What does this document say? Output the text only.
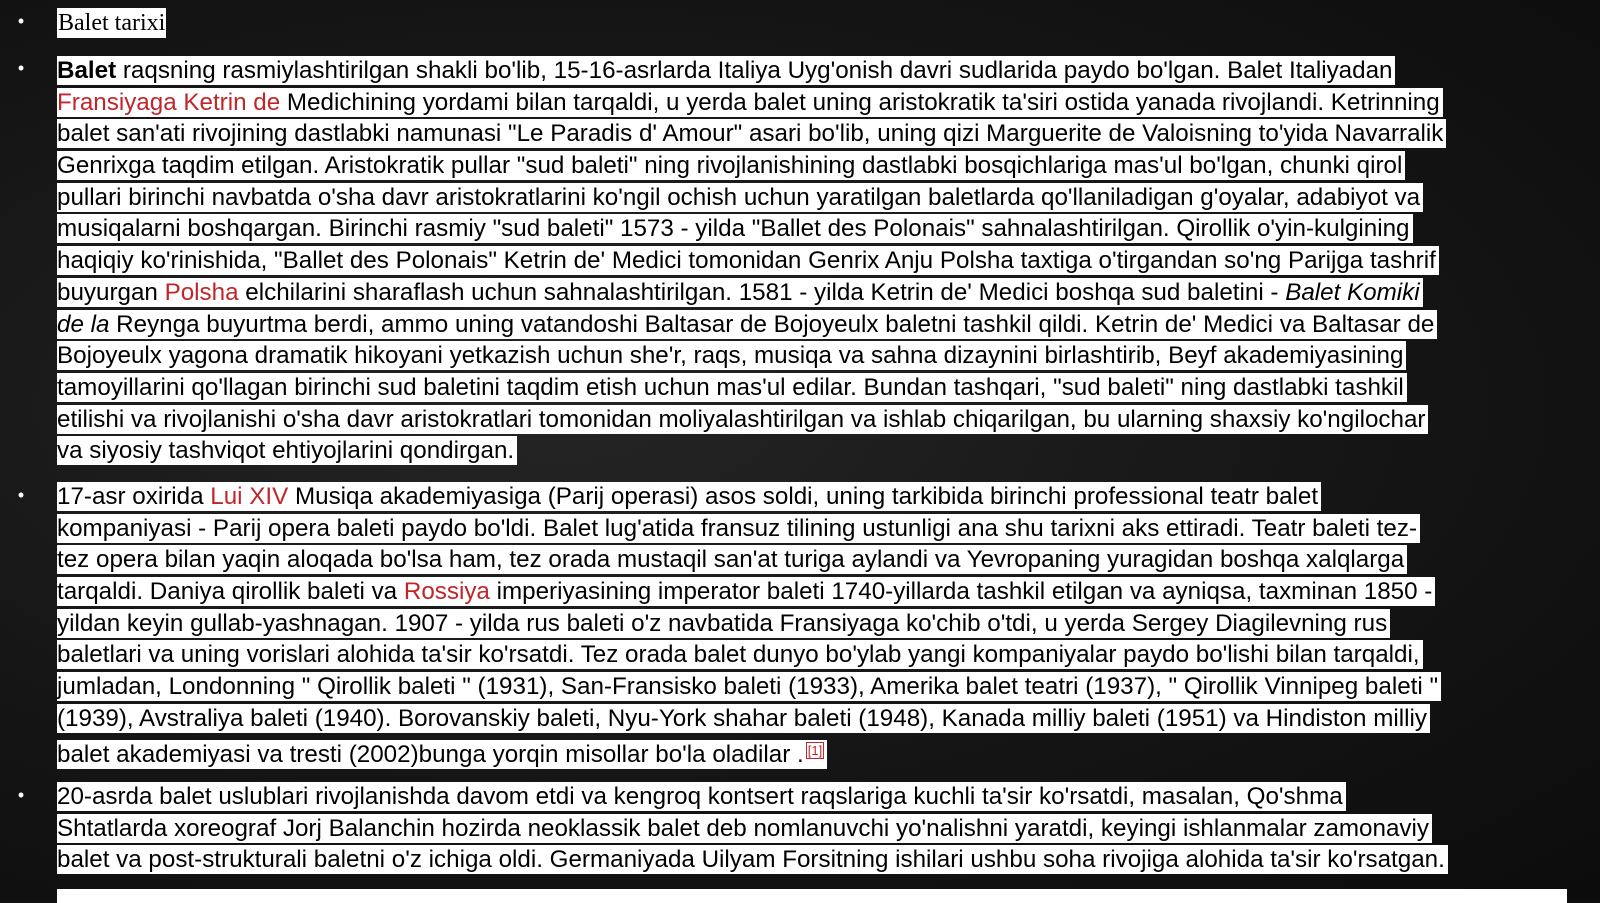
• Balet tarixi
• Balet raqsning rasmiylashtirilgan shakli bo'lib, 15-16-asrlarda Italiya Uyg'onish davri sudlarida paydo bo'lgan. Balet Italiyadan
Fransiyaga Ketrin de Medichining yordami bilan tarqaldi, u yerda balet uning aristokratik ta'siri ostida yanada rivojlandi. Ketrinning
balet san'ati rivojining dastlabki namunasi "Le Paradis d' Amour" asari bo'lib, uning qizi Marguerite de Valoisning to'yida Navarralik
Genrixga taqdim etilgan. Aristokratik pullar "sud baleti" ning rivojlanishining dastlabki bosqichlariga mas'ul bo'lgan, chunki qirol
pullari birinchi navbatda o'sha davr aristokratlarini ko'ngil ochish uchun yaratilgan baletlarda qo'llaniladigan g'oyalar, adabiyot va
musiqalarni boshqargan. Birinchi rasmiy "sud baleti" 1573 - yilda "Ballet des Polonais" sahnalashtirilgan. Qirollik o'yin-kulgining
haqiqiy ko'rinishida, "Ballet des Polonais" Ketrin de' Medici tomonidan Genrix Anju Polsha taxtiga o'tirgandan so'ng Parijga tashrif
buyurgan Polsha elchilarini sharaflash uchun sahnalashtirilgan. 1581 - yilda Ketrin de' Medici boshqa sud baletini - Balet Komiki
de la Reynga buyurtma berdi, ammo uning vatandoshi Baltasar de Bojoyeulx baletni tashkil qildi. Ketrin de' Medici va Baltasar de
Bojoyeulx yagona dramatik hikoyani yetkazish uchun she'r, raqs, musiqa va sahna dizaynini birlashtirib, Beyf akademiyasining
tamoyillarini qo'llagan birinchi sud baletini taqdim etish uchun mas'ul edilar. Bundan tashqari, "sud baleti" ning dastlabki tashkil
etilishi va rivojlanishi o'sha davr aristokratlari tomonidan moliyalashtirilgan va ishlab chiqarilgan, bu ularning shaxsiy ko'ngilochar
va siyosiy tashviqot ehtiyojlarini qondirgan.
• 17-asr oxirida Lui XIV Musiqa akademiyasiga (Parij operasi) asos soldi, uning tarkibida birinchi professional teatr balet
kompaniyasi - Parij opera baleti paydo bo'ldi. Balet lug'atida fransuz tilining ustunligi ana shu tarixni aks ettiradi. Teatr baleti tez-
tez opera bilan yaqin aloqada bo'lsa ham, tez orada mustaqil san'at turiga aylandi va Yevropaning yuragidan boshqa xalqlarga
tarqaldi. Daniya qirollik baleti va Rossiya imperiyasining imperator baleti 1740-yillarda tashkil etilgan va ayniqsa, taxminan 1850 -
yildan keyin gullab-yashnagan. 1907 - yilda rus baleti o'z navbatida Fransiyaga ko'chib o'tdi, u yerda Sergey Diagilevning rus
baletlari va uning vorislari alohida ta'sir ko'rsatdi. Tez orada balet dunyo bo'ylab yangi kompaniyalar paydo bo'lishi bilan tarqaldi,
jumladan, Londonning " Qirollik baleti " (1931), San-Fransisko baleti (1933), Amerika balet teatri (1937), " Qirollik Vinnipeg baleti "
(1939), Avstraliya baleti (1940). Borovanskiy baleti, Nyu-York shahar baleti (1948), Kanada milliy baleti (1951) va Hindiston milliy
balet akademiyasi va tresti (2002)bunga yorqin misollar bo'la oladilar . [1]
• 20-asrda balet uslublari rivojlanishda davom etdi va kengroq kontsert raqslariga kuchli ta'sir ko'rsatdi, masalan, Qo'shma
Shtatlarda xoreograf Jorj Balanchin hozirda neoklassik balet deb nomlanuvchi yo'nalishni yaratdi, keyingi ishlanmalar zamonaviy
balet va post-strukturali baletni o'z ichiga oldi. Germaniyada Uilyam Forsitning ishilari ushbu soha rivojiga alohida ta'sir ko'rsatgan.
